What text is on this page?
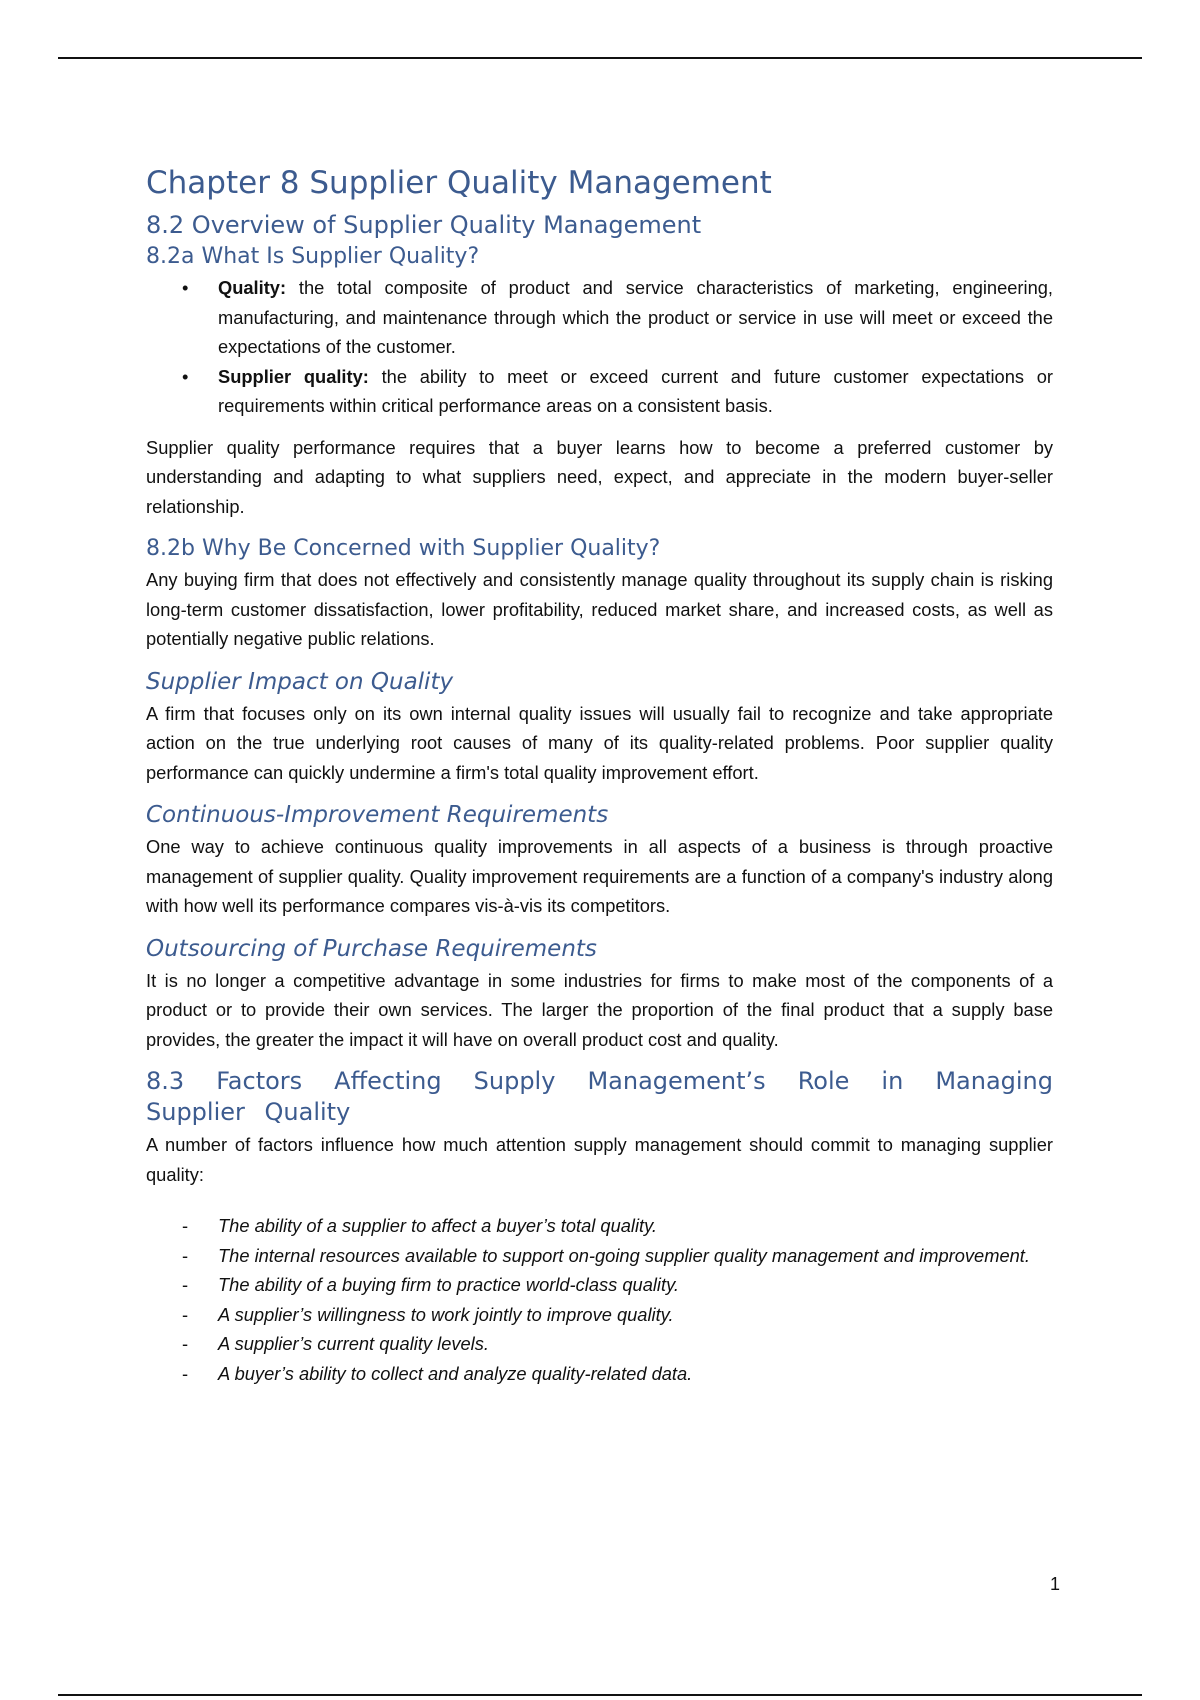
Chapter 8 Supplier Quality Management
8.2 Overview of Supplier Quality Management
8.2a What Is Supplier Quality?
• Quality: the total composite of product and service characteristics of marketing, engineering, manufacturing, and maintenance through which the product or service in use will meet or exceed the expectations of the customer.
• Supplier quality: the ability to meet or exceed current and future customer expectations or requirements within critical performance areas on a consistent basis.

Supplier quality performance requires that a buyer learns how to become a preferred customer by understanding and adapting to what suppliers need, expect, and appreciate in the modern buyer-seller relationship.

8.2b Why Be Concerned with Supplier Quality?

Any buying firm that does not effectively and consistently manage quality throughout its supply chain is risking long-term customer dissatisfaction, lower profitability, reduced market share, and increased costs, as well as potentially negative public relations.

Supplier Impact on Quality

A firm that focuses only on its own internal quality issues will usually fail to recognize and take appropriate action on the true underlying root causes of many of its quality-related problems. Poor supplier quality performance can quickly undermine a firm's total quality improvement effort.

Continuous-Improvement Requirements

One way to achieve continuous quality improvements in all aspects of a business is through proactive management of supplier quality. Quality improvement requirements are a function of a company's industry along with how well its performance compares vis-à-vis its competitors.

Outsourcing of Purchase Requirements

It is no longer a competitive advantage in some industries for firms to make most of the components of a product or to provide their own services. The larger the proportion of the final product that a supply base provides, the greater the impact it will have on overall product cost and quality.

8.3 Factors Affecting Supply Management’s Role in Managing Supplier Quality

A number of factors influence how much attention supply management should commit to managing supplier quality:

- The ability of a supplier to affect a buyer’s total quality.
- The internal resources available to support on-going supplier quality management and improvement.
- The ability of a buying firm to practice world-class quality.
- A supplier’s willingness to work jointly to improve quality.
- A supplier’s current quality levels.
- A buyer’s ability to collect and analyze quality-related data.
1
